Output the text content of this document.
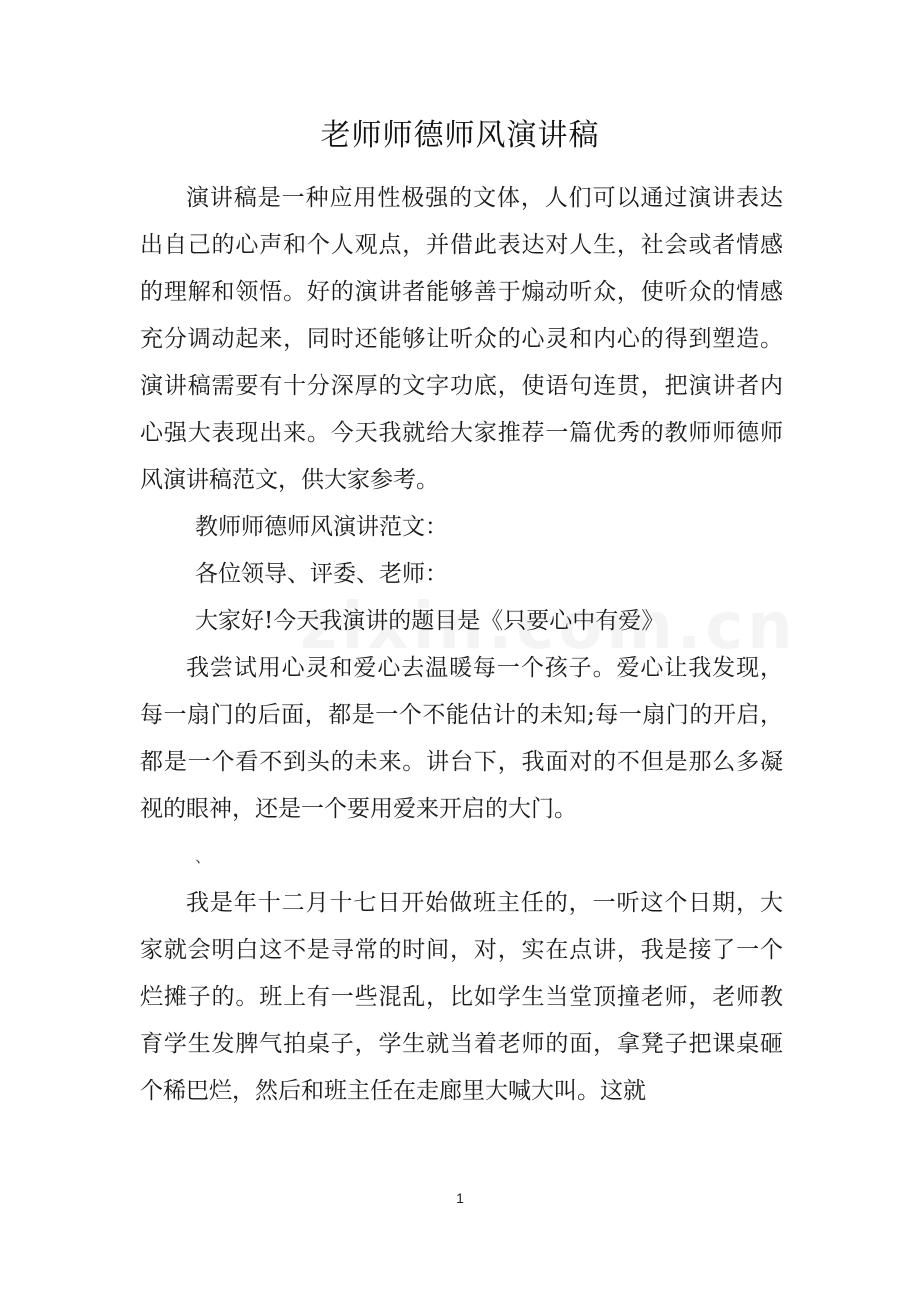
老师师德师风演讲稿

演讲稿是一种应用性极强的文体，人们可以通过演讲表达出自己的心声和个人观点，并借此表达对人生，社会或者情感的理解和领悟。好的演讲者能够善于煽动听众，使听众的情感充分调动起来，同时还能够让听众的心灵和内心的得到塑造。演讲稿需要有十分深厚的文字功底，使语句连贯，把演讲者内心强大表现出来。今天我就给大家推荐一篇优秀的教师师德师风演讲稿范文，供大家参考。

教师师德师风演讲范文：

各位领导、评委、老师：

大家好!今天我演讲的题目是《只要心中有爱》

我尝试用心灵和爱心去温暖每一个孩子。爱心让我发现，每一扇门的后面，都是一个不能估计的未知;每一扇门的开启，都是一个看不到头的未来。讲台下，我面对的不但是那么多凝视的眼神，还是一个要用爱来开启的大门。

、

我是年十二月十七日开始做班主任的，一听这个日期，大家就会明白这不是寻常的时间，对，实在点讲，我是接了一个烂摊子的。班上有一些混乱，比如学生当堂顶撞老师，老师教育学生发脾气拍桌子，学生就当着老师的面，拿凳子把课桌砸个稀巴烂，然后和班主任在走廊里大喊大叫。这就

1
